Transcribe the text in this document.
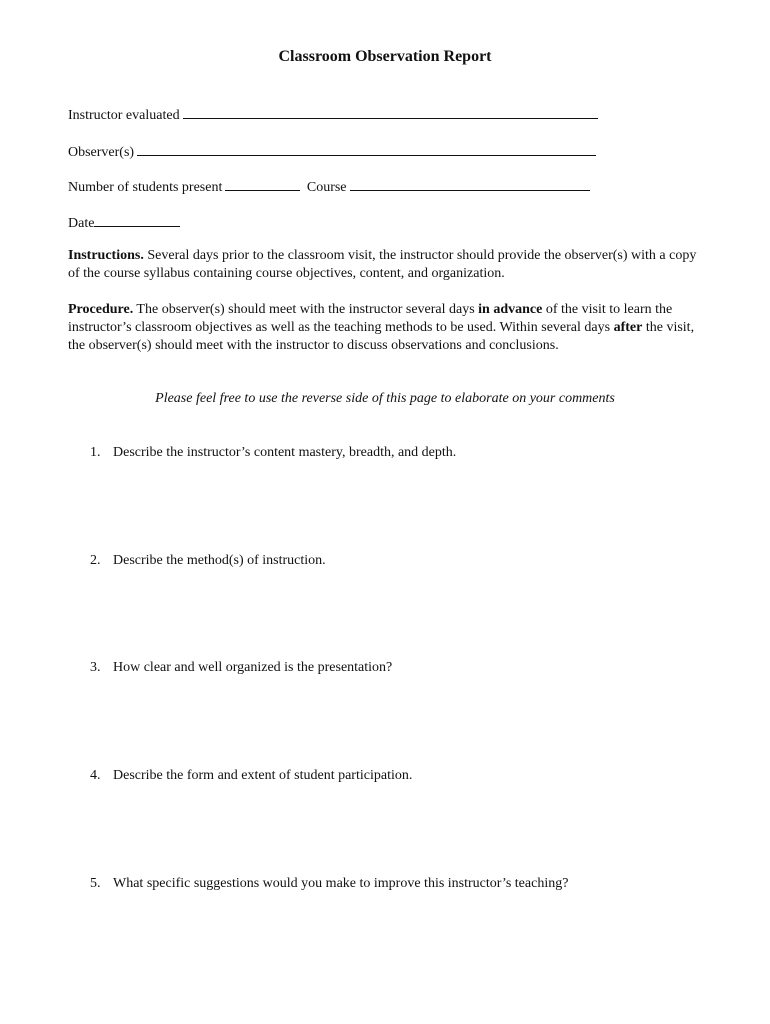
Classroom Observation Report
Instructor evaluated
Observer(s)
Number of students present	Course
Date
Instructions. Several days prior to the classroom visit, the instructor should provide the observer(s) with a copy of the course syllabus containing course objectives, content, and organization.
Procedure. The observer(s) should meet with the instructor several days in advance of the visit to learn the instructor’s classroom objectives as well as the teaching methods to be used. Within several days after the visit, the observer(s) should meet with the instructor to discuss observations and conclusions.
Please feel free to use the reverse side of this page to elaborate on your comments
1. Describe the instructor’s content mastery, breadth, and depth.
2. Describe the method(s) of instruction.
3. How clear and well organized is the presentation?
4. Describe the form and extent of student participation.
5. What specific suggestions would you make to improve this instructor’s teaching?
